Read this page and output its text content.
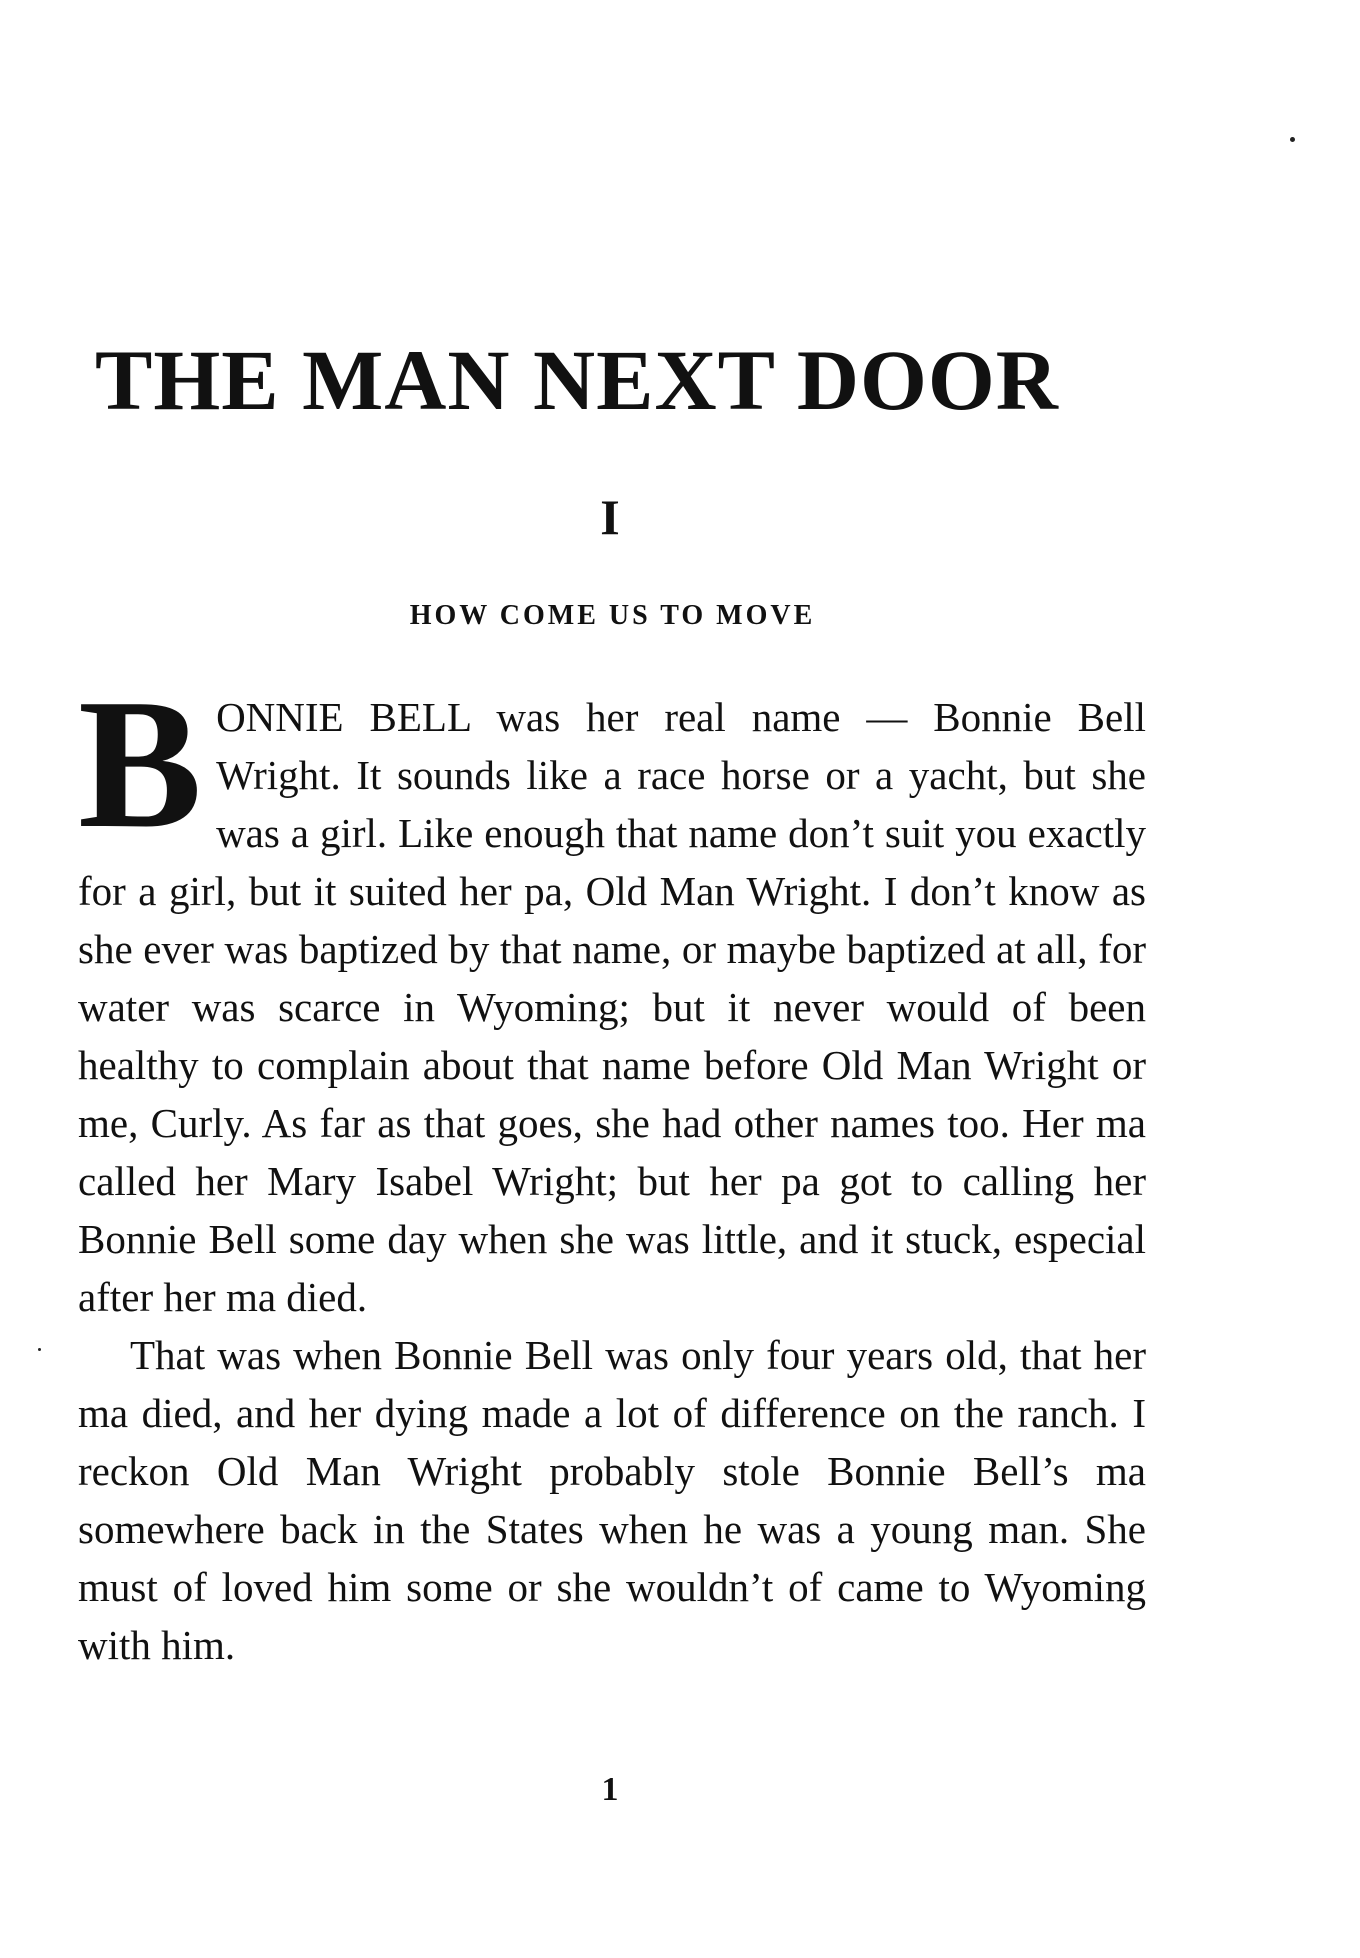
THE MAN NEXT DOOR
I
HOW COME US TO MOVE

BONNIE BELL was her real name — Bonnie Bell Wright. It sounds like a race horse or a yacht, but she was a girl. Like enough that name don’t suit you exactly for a girl, but it suited her pa, Old Man Wright. I don’t know as she ever was baptized by that name, or maybe baptized at all, for water was scarce in Wyoming; but it never would of been healthy to complain about that name before Old Man Wright or me, Curly. As far as that goes, she had other names too. Her ma called her Mary Isabel Wright; but her pa got to calling her Bonnie Bell some day when she was little, and it stuck, especial after her ma died.

That was when Bonnie Bell was only four years old, that her ma died, and her dying made a lot of difference on the ranch. I reckon Old Man Wright probably stole Bonnie Bell’s ma somewhere back in the States when he was a young man. She must of loved him some or she wouldn’t of came to Wyoming with him.

1
